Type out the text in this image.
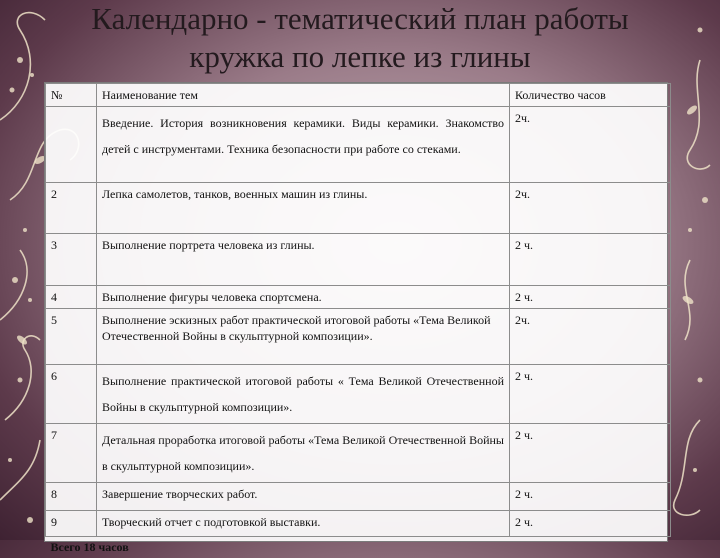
Календарно - тематический план работы
кружка по лепке из глины
№	Наименование тем	Количество часов
	Введение. История возникновения керамики. Виды керамики. Знакомство детей с инструментами. Техника безопасности при работе со стеками.	2ч.
2	Лепка самолетов, танков, военных машин из глины.	2ч.
3	Выполнение портрета человека из глины.	2 ч.
4	Выполнение фигуры человека спортсмена.	2 ч.
5	Выполнение эскизных работ практической итоговой работы «Тема Великой Отечественной Войны в скульптурной композиции».	2ч.
6	Выполнение практической итоговой работы « Тема Великой Отечественной Войны в скульптурной композиции».	2 ч.
7	Детальная проработка итоговой работы «Тема Великой Отечественной Войны в скульптурной композиции».	2 ч.
8	Завершение творческих работ.	2 ч.
9	Творческий отчет с подготовкой выставки.	2 ч.
Всего 18 часов		
